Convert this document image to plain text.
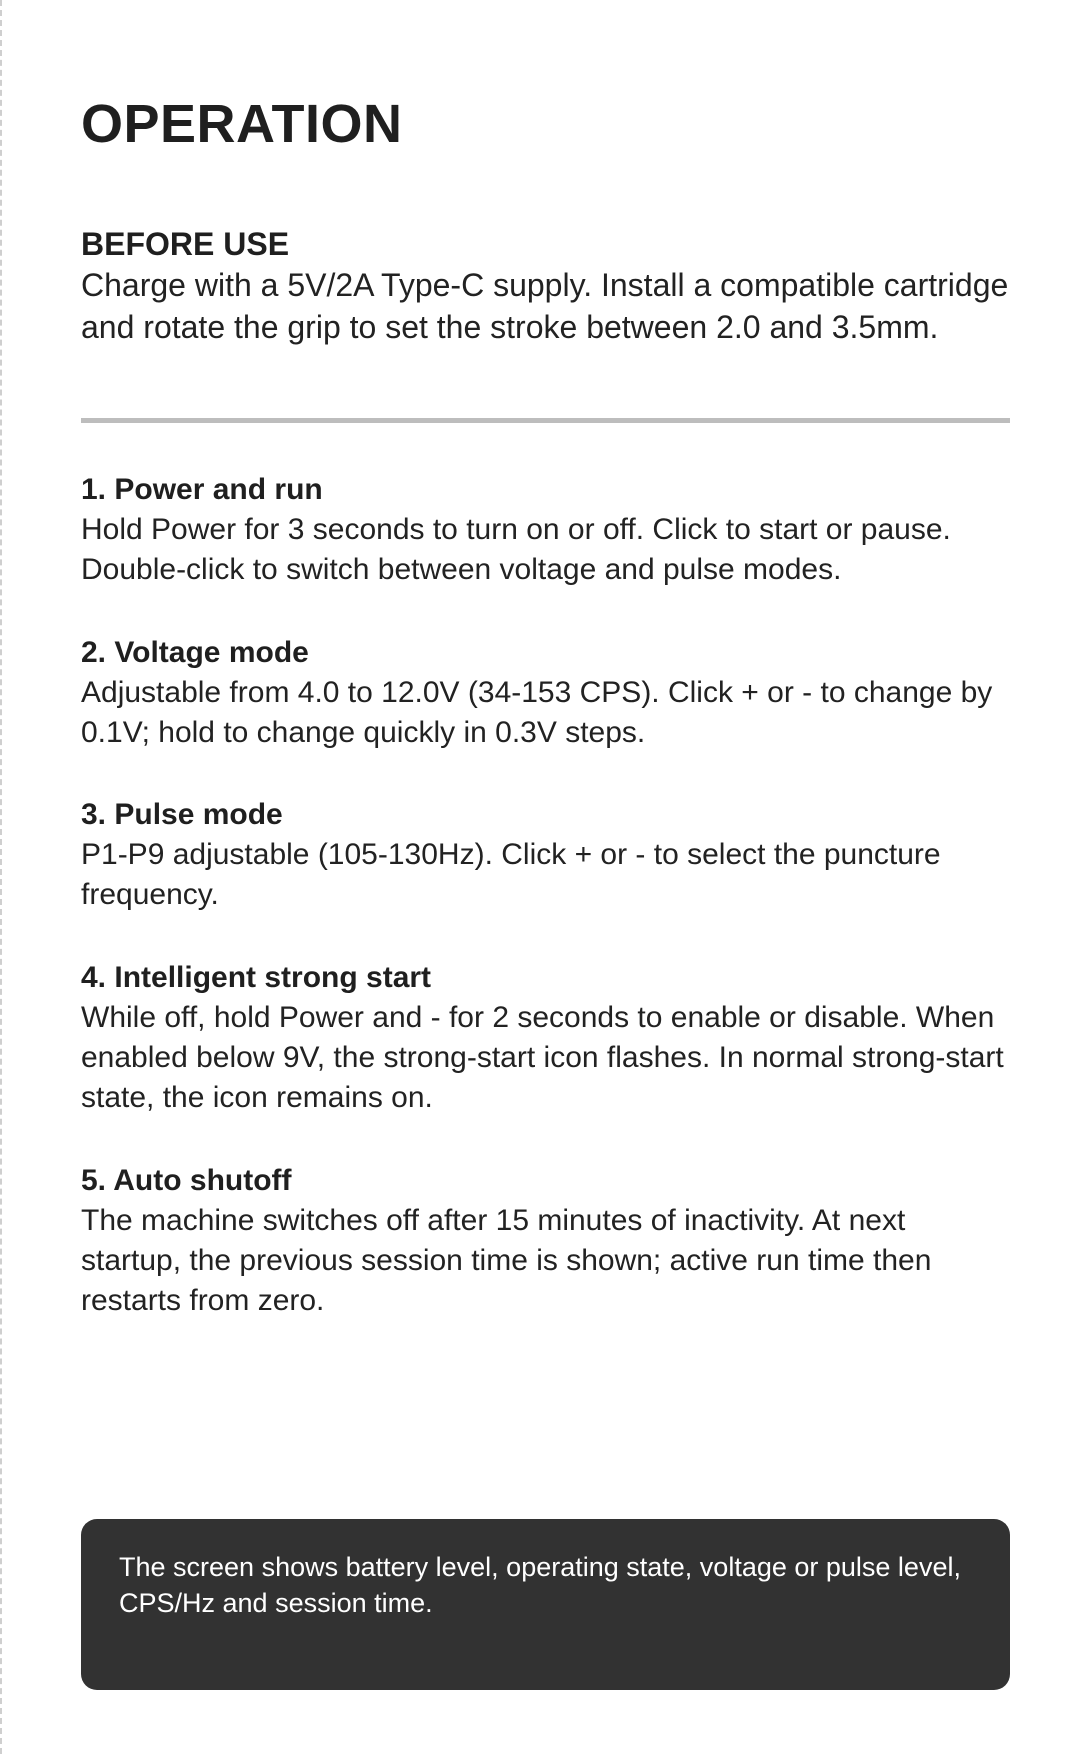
OPERATION
BEFORE USE

Charge with a 5V/2A Type-C supply. Install a compatible cartridge and rotate the grip to set the stroke between 2.0 and 3.5mm.

1. Power and run

Hold Power for 3 seconds to turn on or off. Click to start or pause. Double-click to switch between voltage and pulse modes.

2. Voltage mode

Adjustable from 4.0 to 12.0V (34-153 CPS). Click + or - to change by 0.1V; hold to change quickly in 0.3V steps.

3. Pulse mode

P1-P9 adjustable (105-130Hz). Click + or - to select the puncture frequency.

4. Intelligent strong start

While off, hold Power and - for 2 seconds to enable or disable. When enabled below 9V, the strong-start icon flashes. In normal strong-start state, the icon remains on.

5. Auto shutoff

The machine switches off after 15 minutes of inactivity. At next startup, the previous session time is shown; active run time then restarts from zero.

The screen shows battery level, operating state, voltage or pulse level, CPS/Hz and session time.
